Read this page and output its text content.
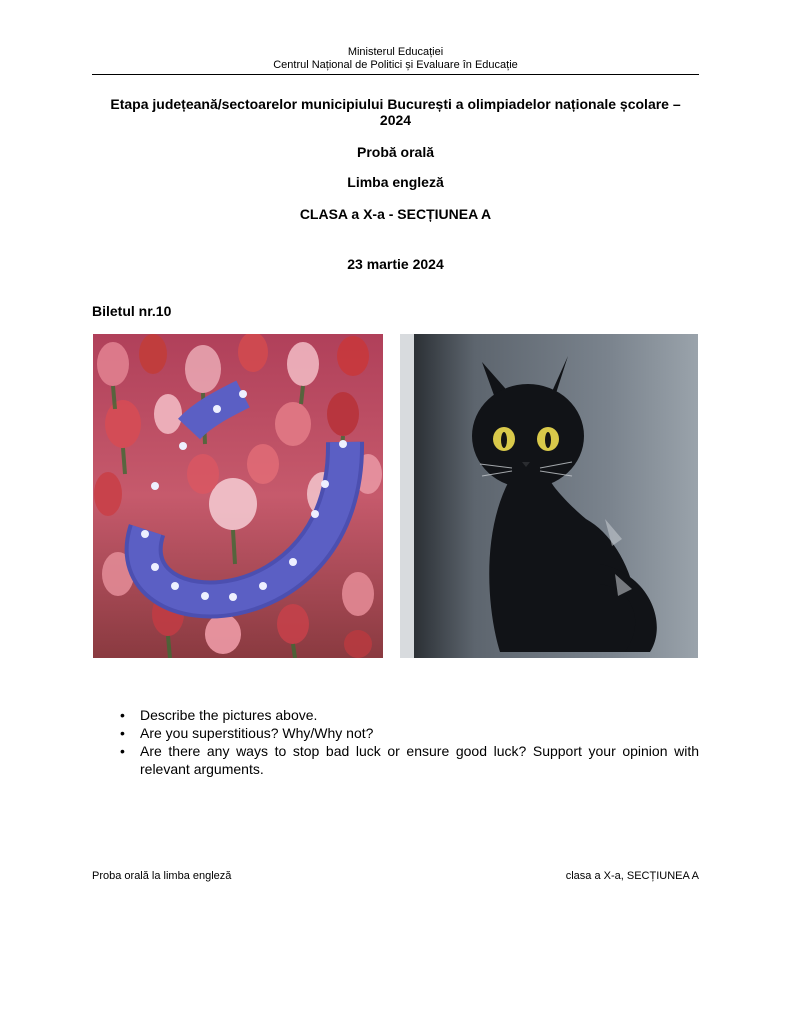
Ministerul Educației
Centrul Național de Politici și Evaluare în Educație
Etapa județeană/sectoarelor municipiului București a olimpiadelor naționale școlare – 2024
Probă orală
Limba engleză
CLASA a X-a - SECȚIUNEA A
23 martie 2024
Biletul nr.10
• Describe the pictures above.
• Are you superstitious? Why/Why not?
• Are there any ways to stop bad luck or ensure good luck? Support your opinion with relevant arguments.
Proba orală la limba engleză	clasa a X-a, SECȚIUNEA A
